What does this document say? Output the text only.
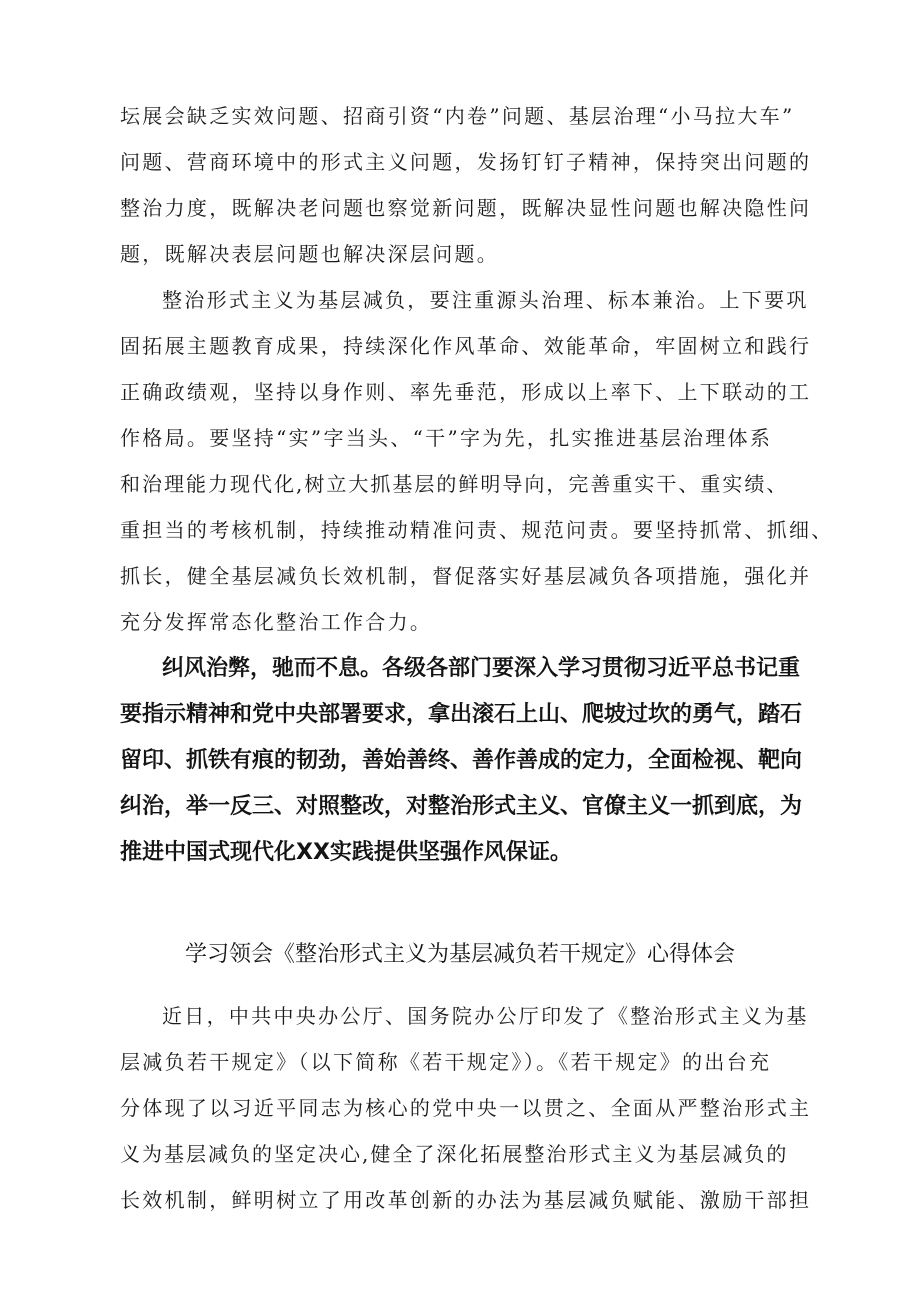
坛展会缺乏实效问题、招商引资“内卷”问题、基层治理“小马拉大车”
问题、营商环境中的形式主义问题，发扬钉钉子精神，保持突出问题的
整治力度，既解决老问题也察觉新问题，既解决显性问题也解决隐性问
题，既解决表层问题也解决深层问题。
整治形式主义为基层减负，要注重源头治理、标本兼治。上下要巩
固拓展主题教育成果，持续深化作风革命、效能革命，牢固树立和践行
正确政绩观，坚持以身作则、率先垂范，形成以上率下、上下联动的工
作格局。要坚持“实”字当头、“干”字为先，扎实推进基层治理体系
和治理能力现代化,树立大抓基层的鲜明导向，完善重实干、重实绩、
重担当的考核机制，持续推动精准问责、规范问责。要坚持抓常、抓细、
抓长，健全基层减负长效机制，督促落实好基层减负各项措施，强化并
充分发挥常态化整治工作合力。
纠风治弊，驰而不息。各级各部门要深入学习贯彻习近平总书记重
要指示精神和党中央部署要求，拿出滚石上山、爬坡过坎的勇气，踏石
留印、抓铁有痕的韧劲，善始善终、善作善成的定力，全面检视、靶向
纠治，举一反三、对照整改，对整治形式主义、官僚主义一抓到底，为
推进中国式现代化XX实践提供坚强作风保证。
学习领会《整治形式主义为基层减负若干规定》心得体会
近日，中共中央办公厅、国务院办公厅印发了《整治形式主义为基
层减负若干规定》（以下简称《若干规定》）。《若干规定》的出台充
分体现了以习近平同志为核心的党中央一以贯之、全面从严整治形式主
义为基层减负的坚定决心,健全了深化拓展整治形式主义为基层减负的
长效机制，鲜明树立了用改革创新的办法为基层减负赋能、激励干部担
